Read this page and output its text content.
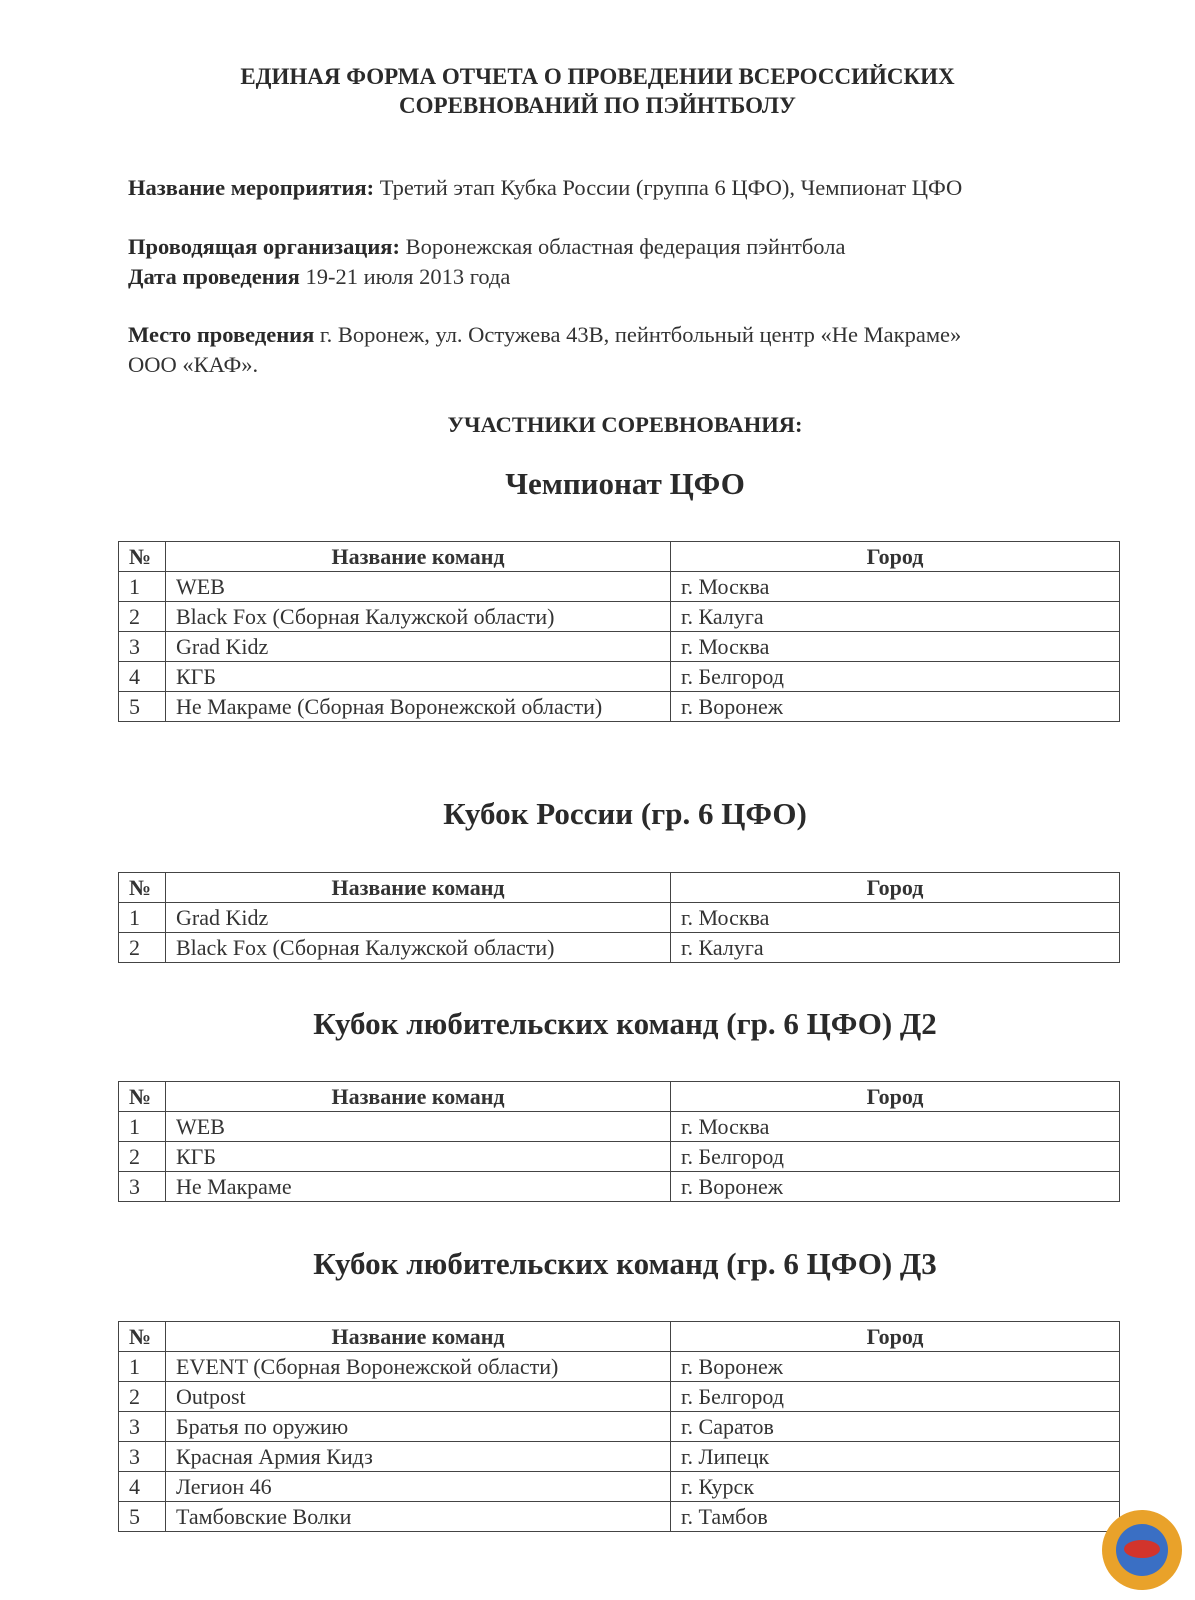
ЕДИНАЯ ФОРМА ОТЧЕТА О ПРОВЕДЕНИИ ВСЕРОССИЙСКИХ
СОРЕВНОВАНИЙ ПО ПЭЙНТБОЛУ
Название мероприятия: Третий этап Кубка России (группа 6 ЦФО), Чемпионат ЦФО
Проводящая организация: Воронежская областная федерация пэйнтбола
Дата проведения 19-21 июля 2013 года
Место проведения г. Воронеж, ул. Остужева 43В, пейнтбольный центр «Не Макраме»
ООО «КАФ».
УЧАСТНИКИ СОРЕВНОВАНИЯ:
Чемпионат ЦФО
№	Название команд	Город
1	WEB	г. Москва
2	Black Fox (Сборная Калужской области)	г. Калуга
3	Grad Kidz	г. Москва
4	КГБ	г. Белгород
5	Не Макраме (Сборная Воронежской области)	г. Воронеж
Кубок России (гр. 6 ЦФО)
№	Название команд	Город
1	Grad Kidz	г. Москва
2	Black Fox (Сборная Калужской области)	г. Калуга
Кубок любительских команд (гр. 6 ЦФО) Д2
№	Название команд	Город
1	WEB	г. Москва
2	КГБ	г. Белгород
3	Не Макраме	г. Воронеж
Кубок любительских команд (гр. 6 ЦФО) Д3
№	Название команд	Город
1	EVENT (Сборная Воронежской области)	г. Воронеж
2	Outpost	г. Белгород
3	Братья по оружию	г. Саратов
3	Красная Армия Кидз	г. Липецк
4	Легион 46	г. Курск
5	Тамбовские Волки	г. Тамбов
